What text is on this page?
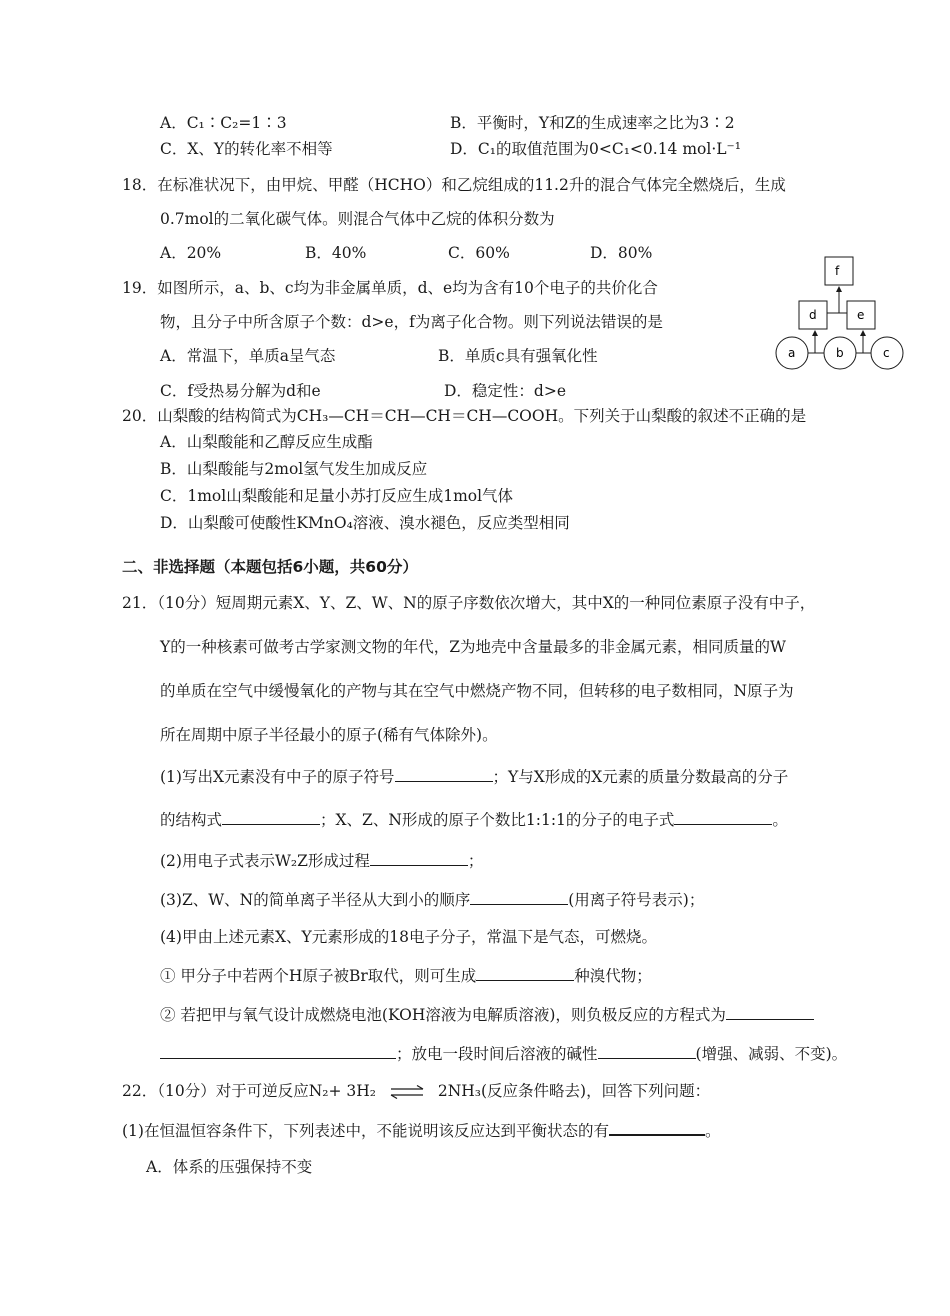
A．C₁∶C₂=1∶3	B．平衡时，Y和Z的生成速率之比为3∶2
C．X、Y的转化率不相等	D．C₁的取值范围为0<C₁<0.14 mol·L⁻¹
18．在标准状况下，由甲烷、甲醛（HCHO）和乙烷组成的11.2升的混合气体完全燃烧后，生成
0.7mol的二氧化碳气体。则混合气体中乙烷的体积分数为
A．20%	B．40%	C．60%	D．80%
19．如图所示，a、b、c均为非金属单质，d、e均为含有10个电子的共价化合
物，且分子中所含原子个数：d>e，f为离子化合物。则下列说法错误的是
A．常温下，单质a呈气态	B．单质c具有强氧化性
C．f受热易分解为d和e	D．稳定性：d>e
f
d	e
a	b	c
20．山梨酸的结构简式为CH₃—CH＝CH—CH＝CH—COOH。下列关于山梨酸的叙述不正确的是
A．山梨酸能和乙醇反应生成酯
B．山梨酸能与2mol氢气发生加成反应
C．1mol山梨酸能和足量小苏打反应生成1mol气体
D．山梨酸可使酸性KMnO₄溶液、溴水褪色，反应类型相同
二、非选择题（本题包括6小题，共60分）
21．（10分）短周期元素X、Y、Z、W、N的原子序数依次增大，其中X的一种同位素原子没有中子，
Y的一种核素可做考古学家测文物的年代，Z为地壳中含量最多的非金属元素，相同质量的W
的单质在空气中缓慢氧化的产物与其在空气中燃烧产物不同，但转移的电子数相同，N原子为
所在周期中原子半径最小的原子(稀有气体除外)。
(1)写出X元素没有中子的原子符号	；Y与X形成的X元素的质量分数最高的分子
的结构式	；X、Z、N形成的原子个数比1:1:1的分子的电子式	。
(2)用电子式表示W₂Z形成过程	；
(3)Z、W、N的简单离子半径从大到小的顺序	(用离子符号表示)；
(4)甲由上述元素X、Y元素形成的18电子分子，常温下是气态，可燃烧。
① 甲分子中若两个H原子被Br取代，则可生成	种溴代物；
② 若把甲与氧气设计成燃烧电池(KOH溶液为电解质溶液)，则负极反应的方程式为
；放电一段时间后溶液的碱性	(增强、减弱、不变)。
22．（10分）对于可逆反应N₂+ 3H₂ ⇌ 2NH₃(反应条件略去)，回答下列问题：
(1)在恒温恒容条件下，下列表述中，不能说明该反应达到平衡状态的有	。
A．体系的压强保持不变
